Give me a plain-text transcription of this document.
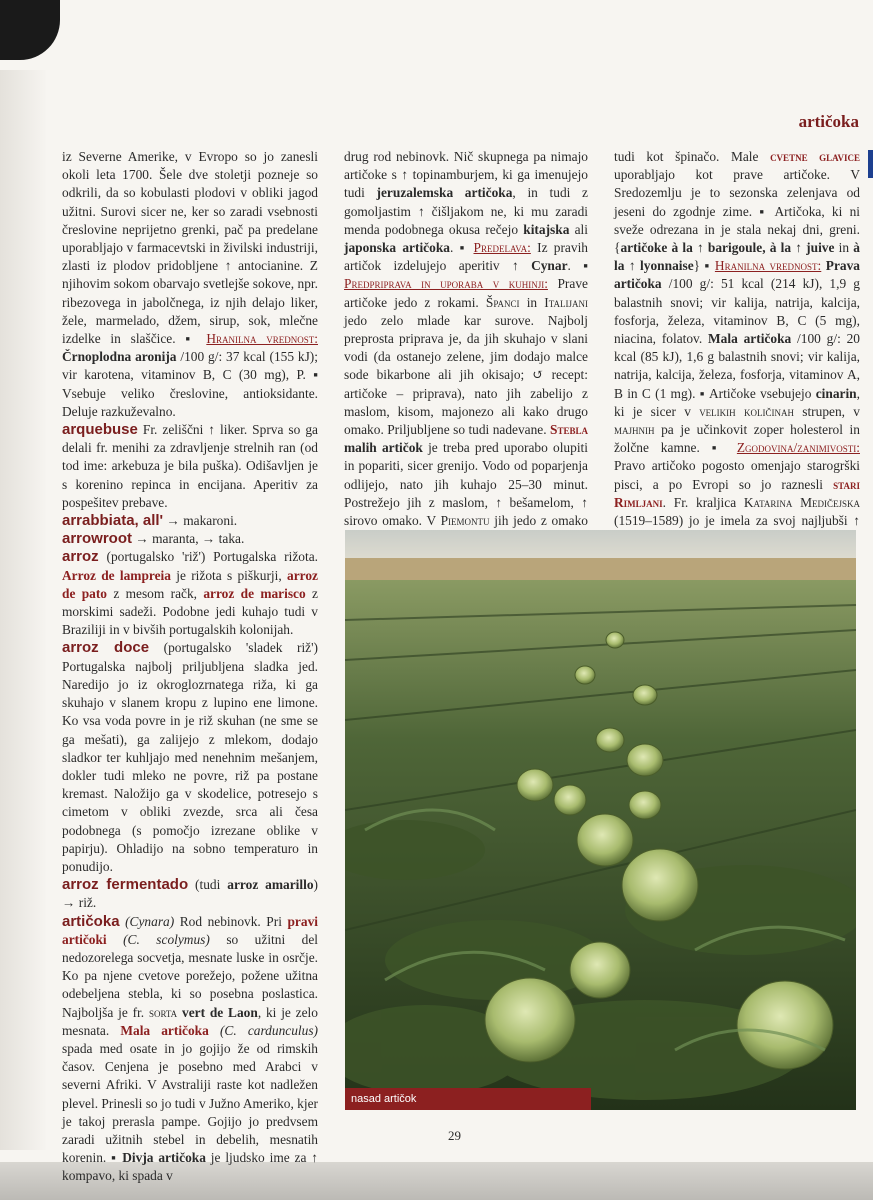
artičoka

iz Severne Amerike, v Evropo so jo zanesli okoli leta 1700. Šele dve stoletji pozneje so odkrili, da so kobulasti plodovi v obliki jagod užitni. Surovi sicer ne, ker so zaradi vsebnosti čreslovine neprijetno grenki, pač pa predelane uporabljajo v farmacevtski in živilski industriji, zlasti iz plodov pridobljene ↑ antocianine. Z njihovim sokom obarvajo svetlejše sokove, npr. ribezovega in jabolčnega, iz njih delajo liker, žele, marmelado, džem, sirup, sok, mlečne izdelke in slaščice. ▪ Hranilna vrednost: Črnoplodna aronija /100 g/: 37 kcal (155 kJ); vir karotena, vitaminov B, C (30 mg), P. ▪ Vsebuje veliko čreslovine, antioksidante. Deluje razkuževalno.

arquebuse Fr. zeliščni ↑ liker. Sprva so ga delali fr. menihi za zdravljenje strelnih ran (od tod ime: arkebuza je bila puška). Odišavljen je s korenino repinca in encijana. Aperitiv za pospešitev prebave.

arrabbiata, all' → makaroni.

arrowroot → maranta, → taka.

arroz (portugalsko 'riž') Portugalska rižota. Arroz de lampreia je rižota s piškurji, arroz de pato z mesom račk, arroz de marisco z morskimi sadeži. Podobne jedi kuhajo tudi v Braziliji in v bivših portugalskih kolonijah.

arroz doce (portugalsko 'sladek riž') Portugalska najbolj priljubljena sladka jed. Naredijo jo iz okroglozrnatega riža, ki ga skuhajo v slanem kropu z lupino ene limone. Ko vsa voda povre in je riž skuhan (ne sme se ga mešati), ga zalijejo z mlekom, dodajo sladkor ter kuhljajo med nenehnim mešanjem, dokler tudi mleko ne povre, riž pa postane kremast. Naložijo ga v skodelice, potresejo s cimetom v obliki zvezde, srca ali česa podobnega (s pomočjo izrezane oblike v papirju). Ohladijo na sobno temperaturo in ponudijo.

arroz fermentado (tudi arroz amarillo) → riž.

artičoka (Cynara) Rod nebinovk. Pri pravi artičoki (C. scolymus) so užitni del nedozorelega socvetja, mesnate luske in osrčje. Ko pa njene cvetove porežejo, požene užitna odebeljena stebla, ki so posebna poslastica. Najboljša je fr. sorta vert de Laon, ki je zelo mesnata. Mala artičoka (C. cardunculus) spada med osate in jo gojijo že od rimskih časov. Cenjena je posebno med Arabci v severni Afriki. V Avstraliji raste kot nadležen plevel. Prinesli so jo tudi v Južno Ameriko, kjer je takoj prerasla pampe. Gojijo jo predvsem zaradi užitnih stebel in debelih, mesnatih korenin. ▪ Divja artičoka je ljudsko ime za ↑ kompavo, ki spada v

drug rod nebinovk. Nič skupnega pa nimajo artičoke s ↑ topinamburjem, ki ga imenujejo tudi jeruzalemska artičoka, in tudi z gomoljastim ↑ čišljakom ne, ki mu zaradi menda podobnega okusa rečejo kitajska ali japonska artičoka. ▪ Predelava: Iz pravih artičok izdelujejo aperitiv ↑ Cynar. ▪ Predpriprava in uporaba v kuhinji: Prave artičoke jedo z rokami. Španci in Italijani jedo zelo mlade kar surove. Najbolj preprosta priprava je, da jih skuhajo v slani vodi (da ostanejo zelene, jim dodajo malce sode bikarbone ali jih okisajo; ↺ recept: artičoke – priprava), nato jih zabelijo z maslom, kisom, majonezo ali kako drugo omako. Priljubljene so tudi nadevane. Stebla malih artičok je treba pred uporabo olupiti in popariti, sicer grenijo. Vodo od poparjenja odlijejo, nato jih kuhajo 25–30 minut. Postrežejo jih z maslom, ↑ bešamelom, ↑ sirovo omako. V Piemontu jih jedo z omako

tudi kot špinačo. Male cvetne glavice uporabljajo kot prave artičoke. V Sredozemlju je to sezonska zelenjava od jeseni do zgodnje zime. ▪ Artičoka, ki ni sveže odrezana in je stala nekaj dni, greni. {artičoke à la ↑ barigoule, à la ↑ juive in à la ↑ lyonnaise} ▪ Hranilna vrednost: Prava artičoka /100 g/: 51 kcal (214 kJ), 1,9 g balastnih snovi; vir kalija, natrija, kalcija, fosforja, železa, vitaminov B, C (5 mg), niacina, folatov. Mala artičoka /100 g/: 20 kcal (85 kJ), 1,6 g balastnih snovi; vir kalija, natrija, kalcija, železa, fosforja, vitaminov A, B in C (1 mg). ▪ Artičoke vsebujejo cinarin, ki je sicer v velikih količinah strupen, v majhnih pa je učinkovit zoper holesterol in žolčne kamne. ▪ Zgodovina/zanimivosti: Pravo artičoko pogosto omenjajo starogrški pisci, a po Evropi so jo raznesli stari Rimljani. Fr. kraljica Katarina Medičejska (1519–1589) jo je imela za svoj najljubši ↑

nasad artičok
29
